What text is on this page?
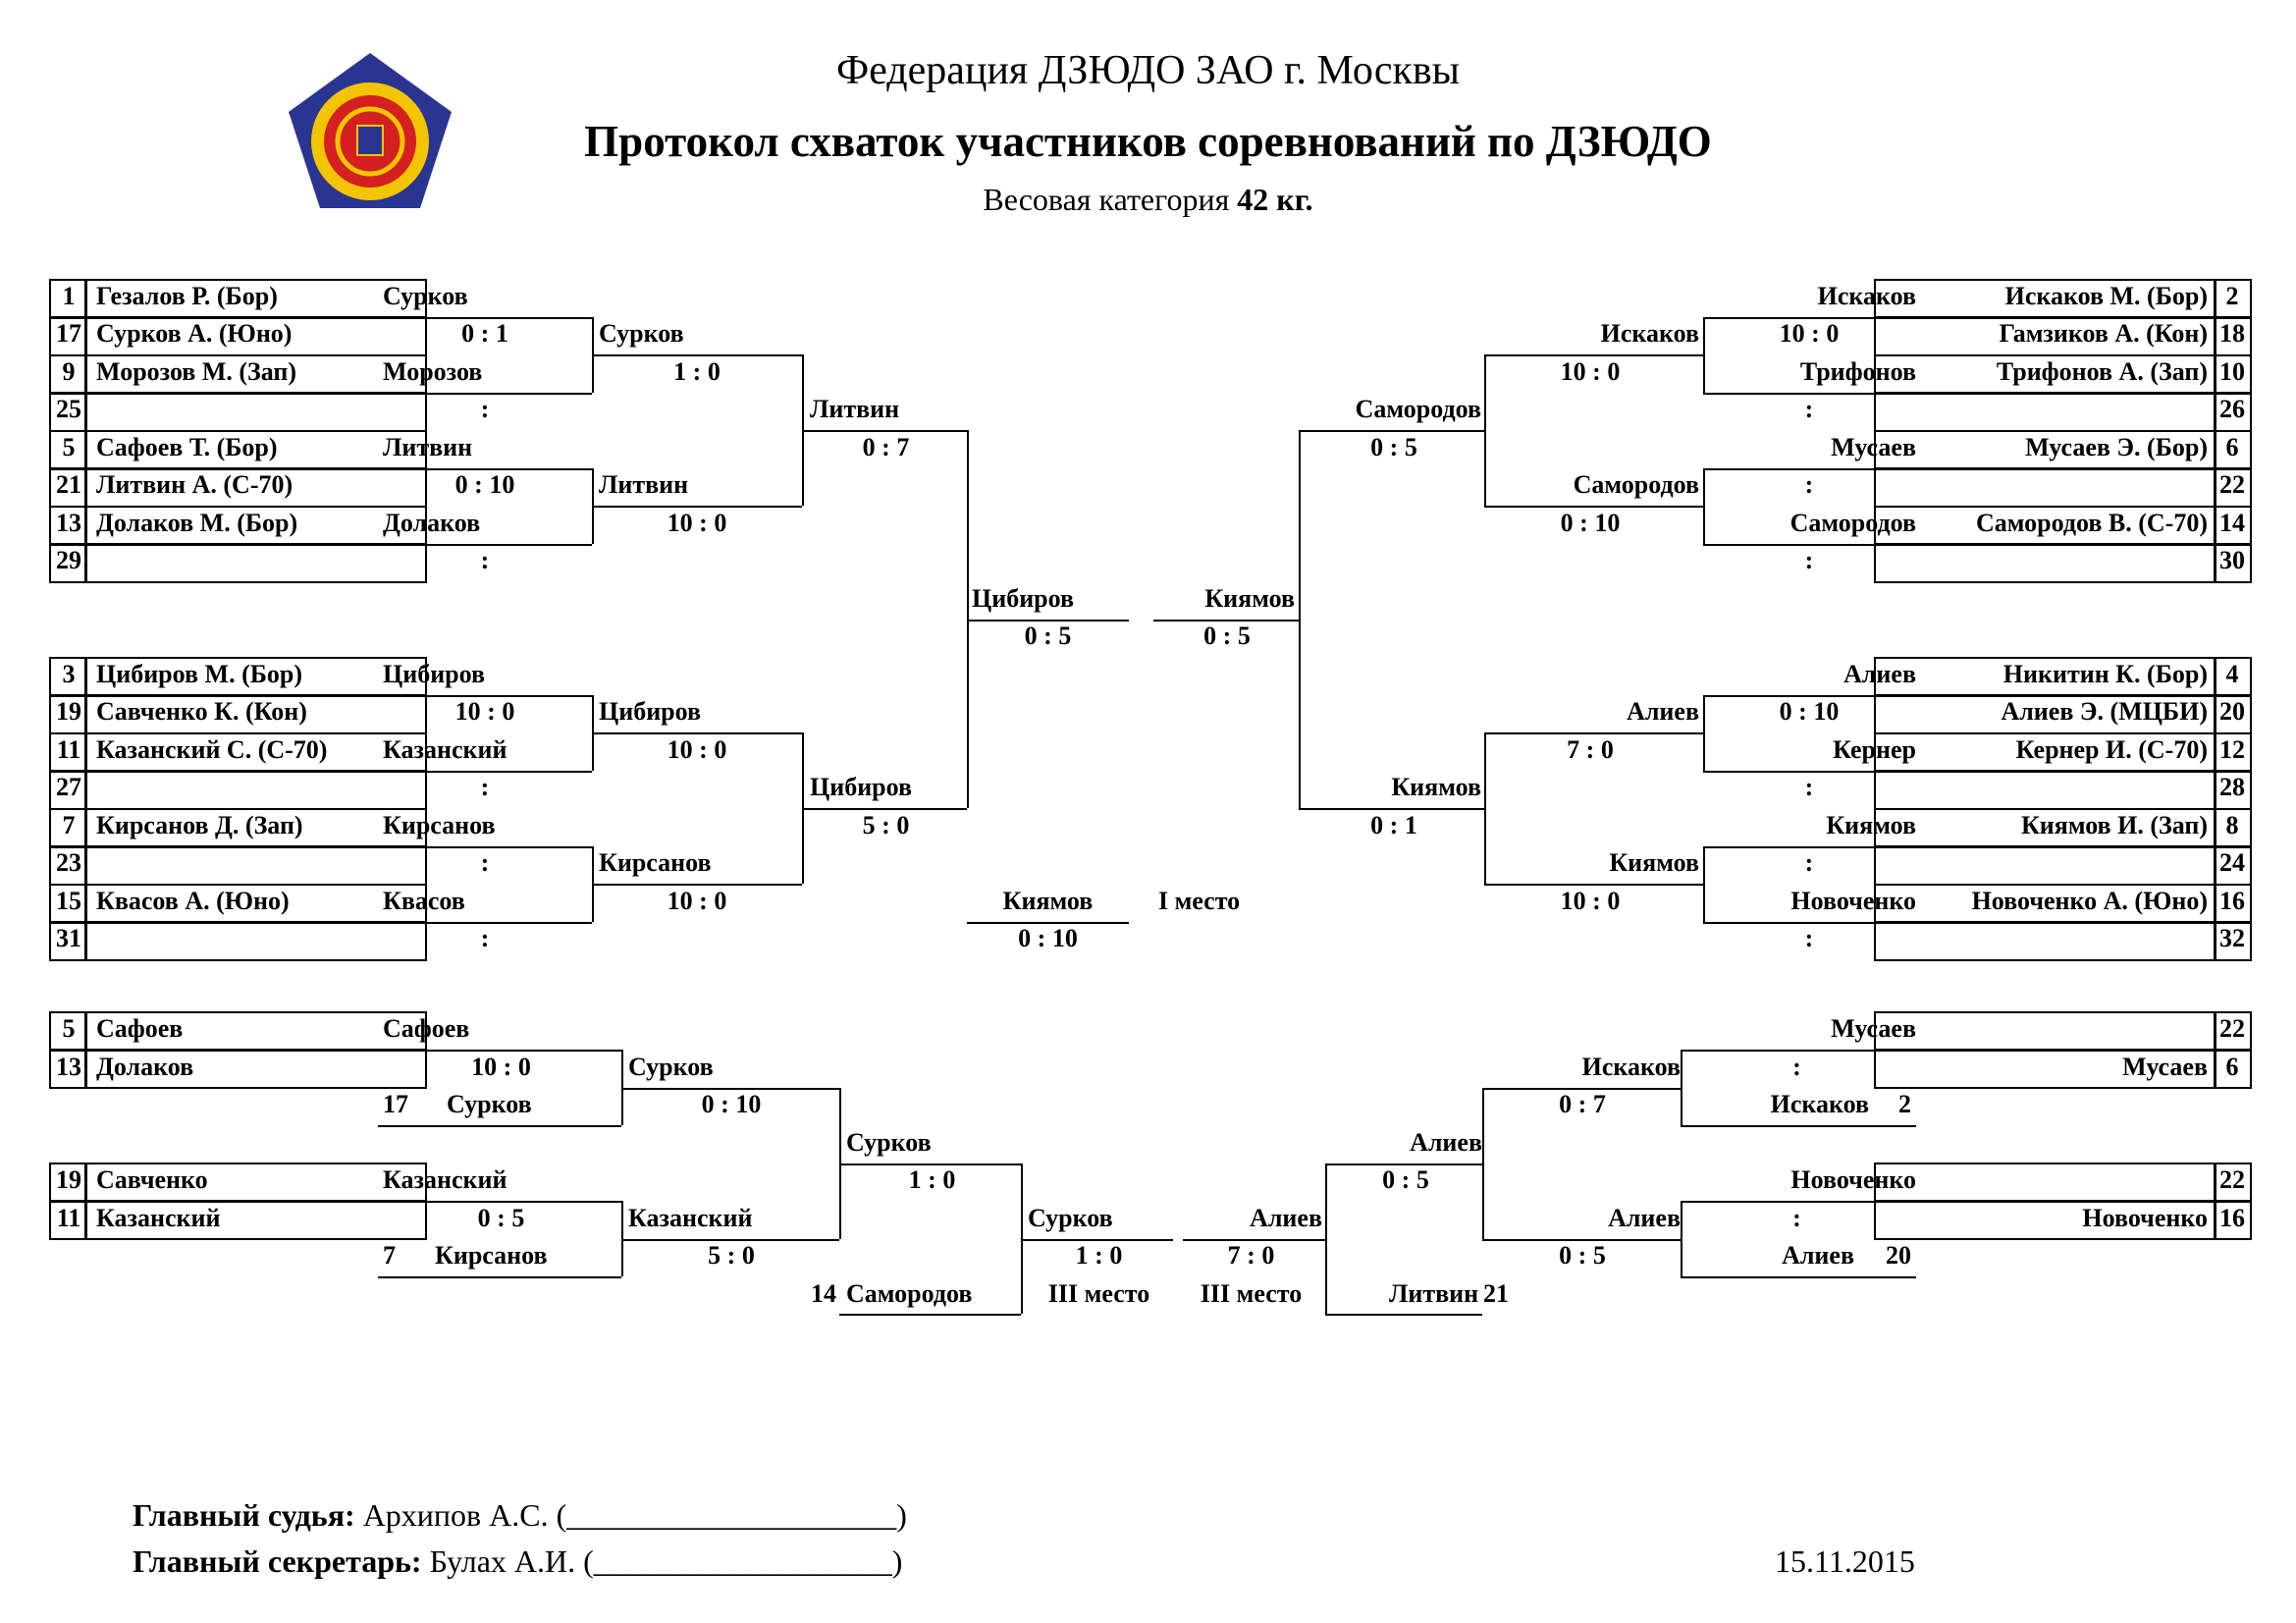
Федерация ДЗЮДО ЗАО г. Москвы
Протокол схваток участников соревнований по ДЗЮДО
Весовая категория 42 кг.
1 Гезалов Р. (Бор)
17 Сурков А. (Юно)
9 Морозов М. (Зап)
25
5 Сафоев Т. (Бор)
21 Литвин А. (С-70)
13 Долаков М. (Бор)
29
Сурков
0 : 1
Морозов
:
Литвин
0 : 10
Долаков
:
Сурков
1 : 0
Литвин
10 : 0
Литвин
0 : 7
3 Цибиров М. (Бор)
19 Савченко К. (Кон)
11 Казанский С. (С-70)
27
7 Кирсанов Д. (Зап)
23
15 Квасов А. (Юно)
31
Цибиров
10 : 0
Казанский
:
Кирсанов
:
Квасов
:
Цибиров
10 : 0
Кирсанов
10 : 0
Цибиров
5 : 0
2
Искаков М. (Бор)
18
Гамзиков А. (Кон)
10
Трифонов А. (Зап)
26
6
Мусаев Э. (Бор)
22
14
Самородов В. (С-70)
30
Искаков
10 : 0
Трифонов
:
Мусаев
:
Самородов
:
Искаков
10 : 0
Самородов
0 : 10
Самородов
0 : 5
4
Никитин К. (Бор)
20
Алиев Э. (МЦБИ)
12
Кернер И. (С-70)
28
8
Киямов И. (Зап)
24
16
Новоченко А. (Юно)
32
Алиев
0 : 10
Кернер
:
Киямов
:
Новоченко
:
Алиев
7 : 0
Киямов
10 : 0
Киямов
0 : 1
Цибиров
0 : 5
Киямов
0 : 5
Киямов
0 : 10
I место
5 Сафоев
13 Долаков
Сафоев
10 : 0
17 Сурков
Сурков
0 : 10
19 Савченко
11 Казанский
Казанский
0 : 5
7 Кирсанов
Казанский
5 : 0
Сурков
1 : 0
14 Самородов
Сурков
1 : 0
III место
22
6
Мусаев
Мусаев
:
Искаков 2
Искаков
0 : 7
22
16
Новоченко
Новоченко
:
Алиев 20
Алиев
0 : 5
Алиев
0 : 5
Литвин 21
Алиев
7 : 0
III место
Главный судья: Архипов А.С. (_____________________)
Главный секретарь: Булах А.И. (___________________)	15.11.2015
